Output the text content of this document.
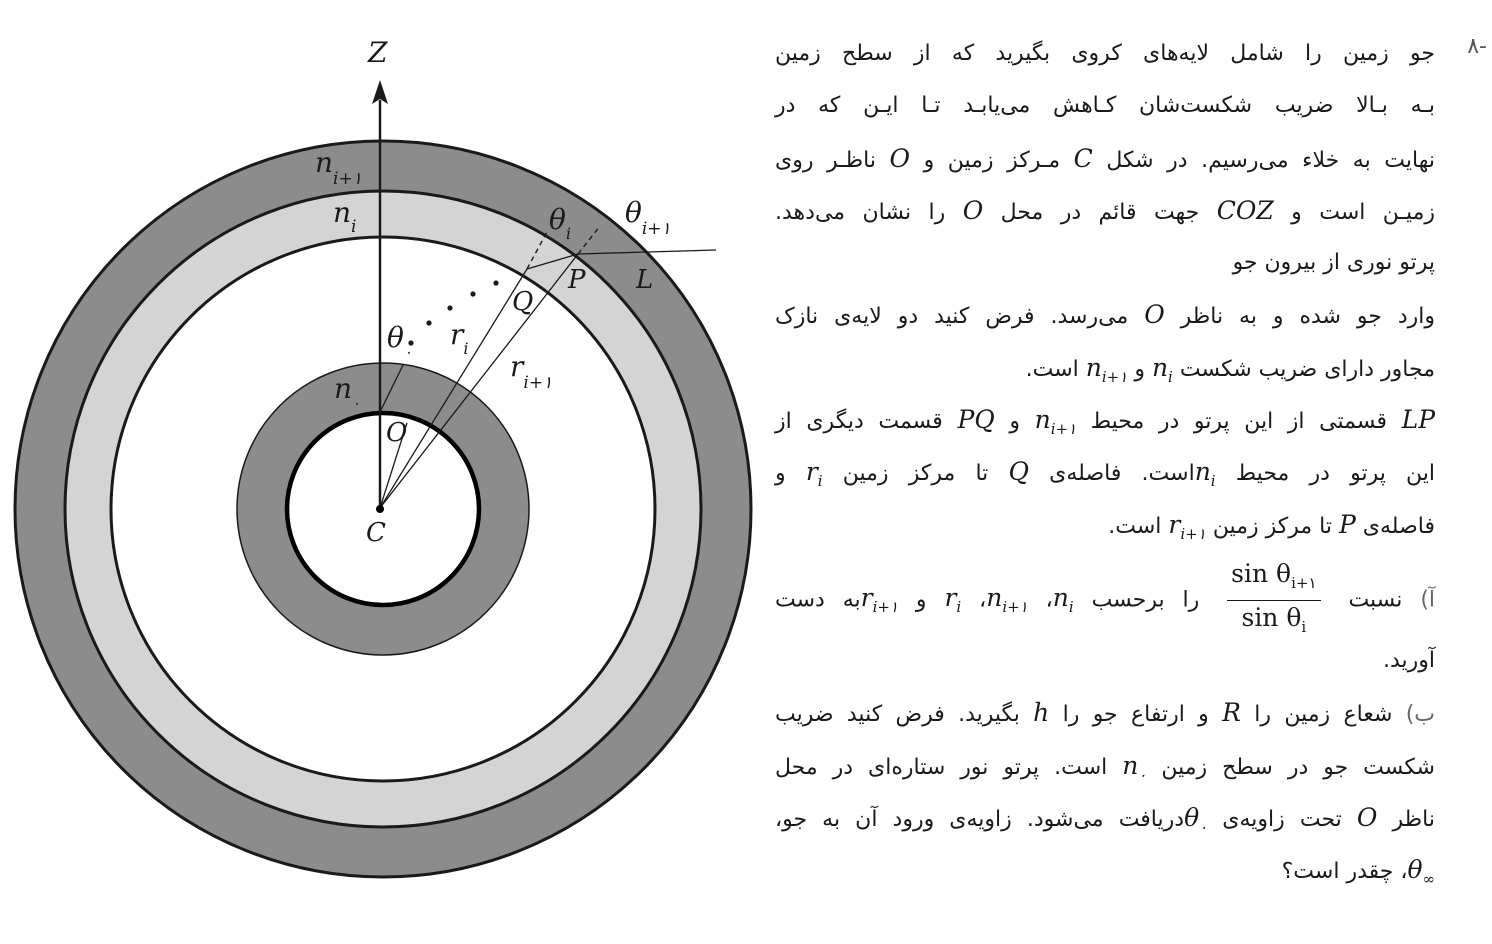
Z
C
O
P
Q
L
$n_{i+۱}$
$n_i$
$n_۰$
$\theta_۰$
$\theta_i$
$\theta_{i+۱}$
$r_i$
$r_{i+۱}$
-۸
جو زمین را شامل لایه‌های کروی بگیرید که از سطح زمین
بـه بـالا ضریب شکست‌شان کـاهش می‌یابـد تـا ایـن که در
نهایت به خلاء می‌رسیم. در شکل C مـرکز زمین و O ناظـر روی
زمیـن است و COZ جهت قائم در محل O را نشان می‌دهد.
پرتو نوری از بیرون جو
وارد جو شده و به ناظر O می‌رسد. فرض کنید دو لایه‌ی نازک
مجاور دارای ضریب شکست $n_i$ و $n_{i+۱}$ است.
LP قسمتی از این پرتو در محیط $n_{i+۱}$ و PQ قسمت دیگری از
این پرتو در محیط $n_iاست$. فاصله‌ی Q تا مرکز زمین $r_i$ و
فاصله‌ی P تا مرکز زمین $r_{i+۱}$ است.
آ) نسبت
$\frac{\sin \theta_{i+۱}}{\sin \theta_i}$
را برحسب $n_i،$ $n_{i+۱}،$ $r_i$ و $r_{i+۱}به$ دست
آورید.
ب) شعاع زمین را R و ارتفاع جو را h بگیرید. فرض کنید ضریب
شکست جو در سطح زمین $n_۰$ است. پرتو نور ستاره‌ای در محل
ناظر O تحت زاویه‌ی $\theta_۰دریافت$ می‌شود. زاویه‌ی ورود آن به جو،
$\theta_\infty،$ چقدر است؟
